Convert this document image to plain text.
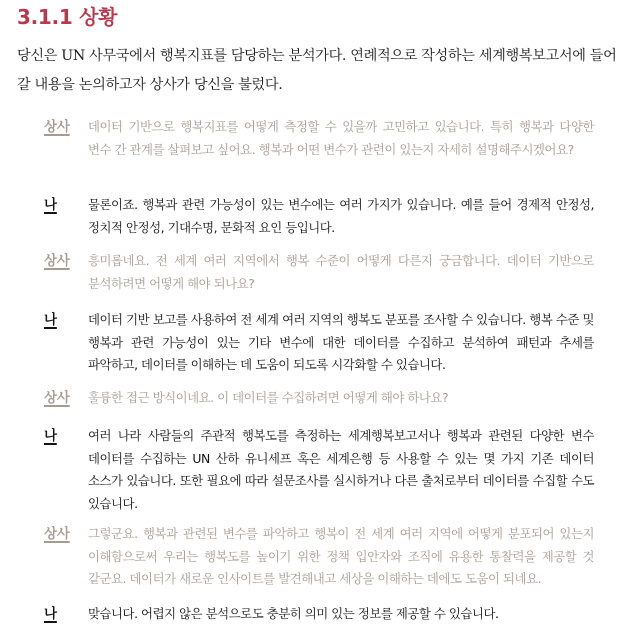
3.1.1 상황

당신은 UN 사무국에서 행복지표를 담당하는 분석가다. 연례적으로 작성하는 세계행복보고서에 들어갈 내용을 논의하고자 상사가 당신을 불렀다.

상사 데이터 기반으로 행복지표를 어떻게 측정할 수 있을까 고민하고 있습니다. 특히 행복과 다양한 변수 간 관계를 살펴보고 싶어요. 행복과 어떤 변수가 관련이 있는지 자세히 설명해주시겠어요?

나	물론이죠. 행복과 관련 가능성이 있는 변수에는 여러 가지가 있습니다. 예를 들어 경제적 안정성, 정치적 안정성, 기대수명, 문화적 요인 등입니다.

상사 흥미롭네요. 전 세계 여러 지역에서 행복 수준이 어떻게 다른지 궁금합니다. 데이터 기반으로 분석하려면 어떻게 해야 되나요?

나	데이터 기반 보고를 사용하여 전 세계 여러 지역의 행복도 분포를 조사할 수 있습니다. 행복 수준 및 행복과 관련 가능성이 있는 기타 변수에 대한 데이터를 수집하고 분석하여 패턴과 추세를 파악하고, 데이터를 이해하는 데 도움이 되도록 시각화할 수 있습니다.

상사 훌륭한 접근 방식이네요. 이 데이터를 수집하려면 어떻게 해야 하나요?

나	여러 나라 사람들의 주관적 행복도를 측정하는 세계행복보고서나 행복과 관련된 다양한 변수 데이터를 수집하는 UN 산하 유니세프 혹은 세계은행 등 사용할 수 있는 몇 가지 기존 데이터 소스가 있습니다. 또한 필요에 따라 설문조사를 실시하거나 다른 출처로부터 데이터를 수집할 수도 있습니다.

상사 그렇군요. 행복과 관련된 변수를 파악하고 행복이 전 세계 여러 지역에 어떻게 분포되어 있는지 이해함으로써 우리는 행복도를 높이기 위한 정책 입안자와 조직에 유용한 통찰력을 제공할 것 같군요. 데이터가 새로운 인사이트를 발견해내고 세상을 이해하는 데에도 도움이 되네요.

나	맞습니다. 어렵지 않은 분석으로도 충분히 의미 있는 정보를 제공할 수 있습니다.
